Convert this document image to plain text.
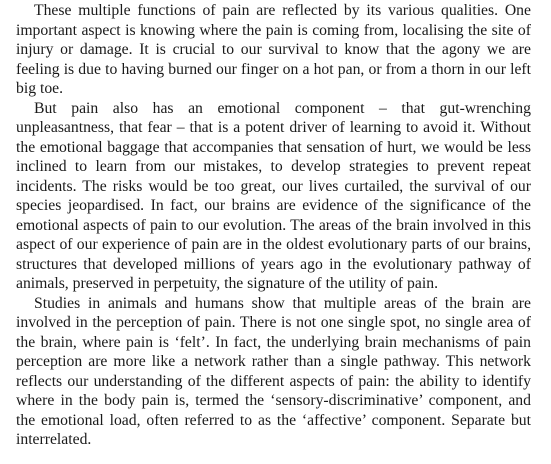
These multiple functions of pain are reflected by its various qualities. One important aspect is knowing where the pain is coming from, localising the site of injury or damage. It is crucial to our survival to know that the agony we are feeling is due to having burned our finger on a hot pan, or from a thorn in our left big toe.

But pain also has an emotional component – that gut-wrenching unpleasantness, that fear – that is a potent driver of learning to avoid it. Without the emotional baggage that accompanies that sensation of hurt, we would be less inclined to learn from our mistakes, to develop strategies to prevent repeat incidents. The risks would be too great, our lives curtailed, the survival of our species jeopardised. In fact, our brains are evidence of the significance of the emotional aspects of pain to our evolution. The areas of the brain involved in this aspect of our experience of pain are in the oldest evolutionary parts of our brains, structures that developed millions of years ago in the evolutionary pathway of animals, preserved in perpetuity, the signature of the utility of pain.

Studies in animals and humans show that multiple areas of the brain are involved in the perception of pain. There is not one single spot, no single area of the brain, where pain is ‘felt’. In fact, the underlying brain mechanisms of pain perception are more like a network rather than a single pathway. This network reflects our understanding of the different aspects of pain: the ability to identify where in the body pain is, termed the ‘sensory-discriminative’ component, and the emotional load, often referred to as the ‘affective’ component. Separate but interrelated.
